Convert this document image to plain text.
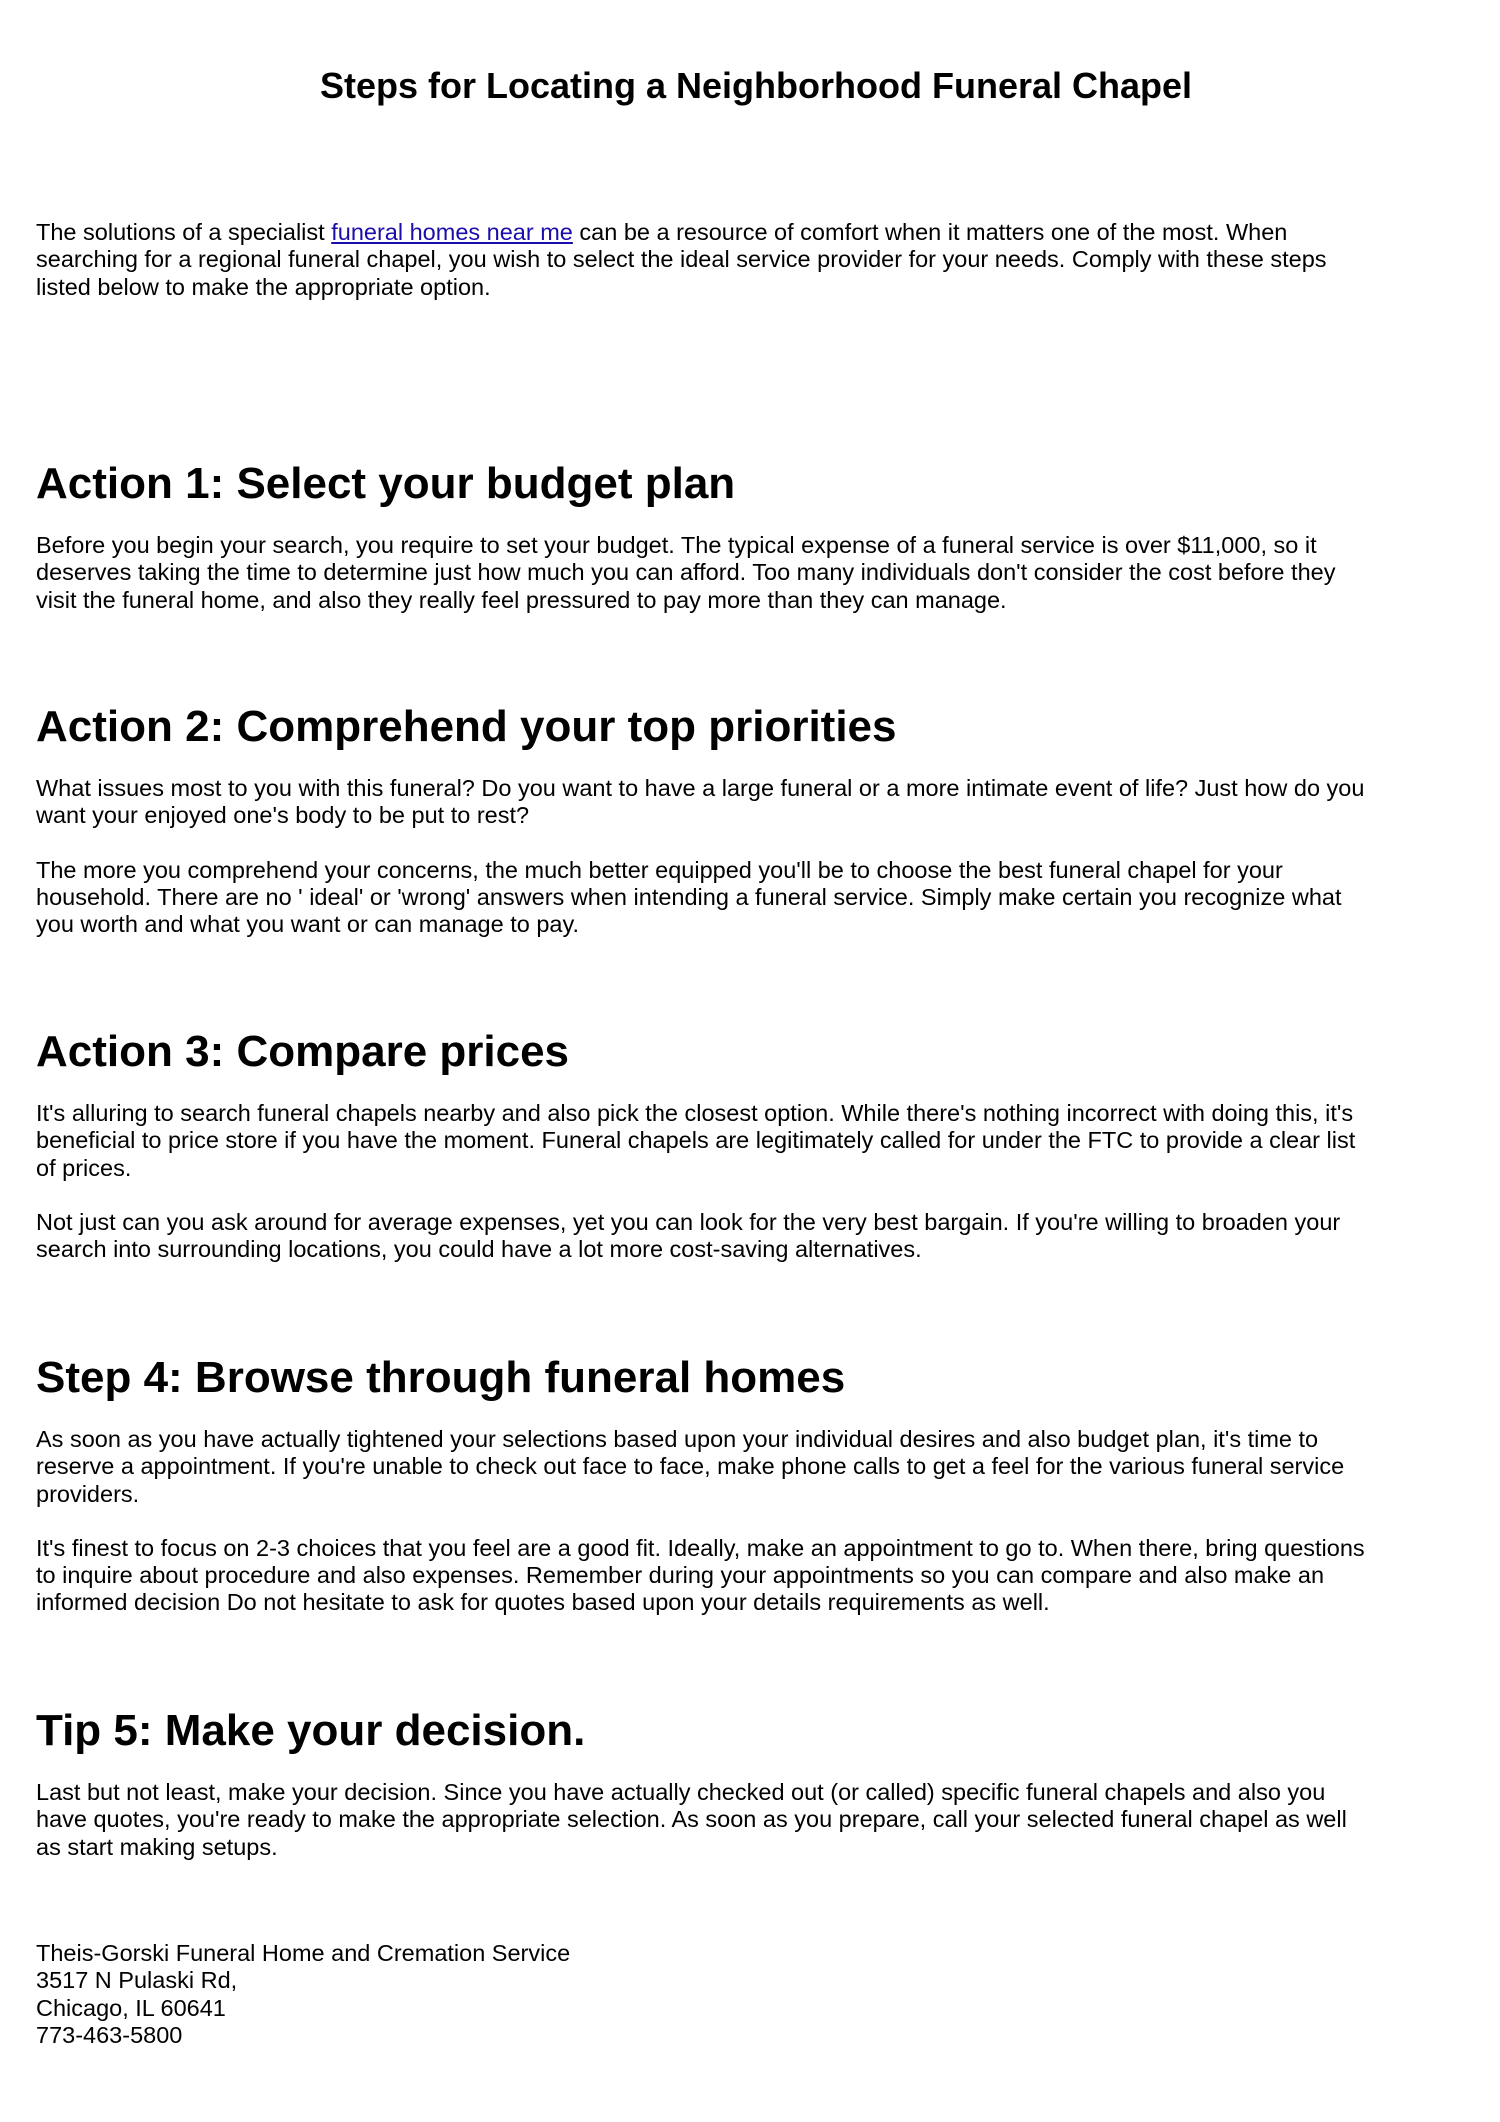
Steps for Locating a Neighborhood Funeral Chapel

The solutions of a specialist funeral homes near me can be a resource of comfort when it matters one of the most. When
searching for a regional funeral chapel, you wish to select the ideal service provider for your needs. Comply with these steps
listed below to make the appropriate option.

Action 1: Select your budget plan

Before you begin your search, you require to set your budget. The typical expense of a funeral service is over $11,000, so it
deserves taking the time to determine just how much you can afford. Too many individuals don't consider the cost before they
visit the funeral home, and also they really feel pressured to pay more than they can manage.

Action 2: Comprehend your top priorities

What issues most to you with this funeral? Do you want to have a large funeral or a more intimate event of life? Just how do you
want your enjoyed one's body to be put to rest?

The more you comprehend your concerns, the much better equipped you'll be to choose the best funeral chapel for your
household. There are no ' ideal' or 'wrong' answers when intending a funeral service. Simply make certain you recognize what
you worth and what you want or can manage to pay.

Action 3: Compare prices

It's alluring to search funeral chapels nearby and also pick the closest option. While there's nothing incorrect with doing this, it's
beneficial to price store if you have the moment. Funeral chapels are legitimately called for under the FTC to provide a clear list
of prices.

Not just can you ask around for average expenses, yet you can look for the very best bargain. If you're willing to broaden your
search into surrounding locations, you could have a lot more cost-saving alternatives.

Step 4: Browse through funeral homes

As soon as you have actually tightened your selections based upon your individual desires and also budget plan, it's time to
reserve a appointment. If you're unable to check out face to face, make phone calls to get a feel for the various funeral service
providers.

It's finest to focus on 2-3 choices that you feel are a good fit. Ideally, make an appointment to go to. When there, bring questions
to inquire about procedure and also expenses. Remember during your appointments so you can compare and also make an
informed decision Do not hesitate to ask for quotes based upon your details requirements as well.

Tip 5: Make your decision.

Last but not least, make your decision. Since you have actually checked out (or called) specific funeral chapels and also you
have quotes, you're ready to make the appropriate selection. As soon as you prepare, call your selected funeral chapel as well
as start making setups.

Theis-Gorski Funeral Home and Cremation Service
3517 N Pulaski Rd,
Chicago, IL 60641
773-463-5800
